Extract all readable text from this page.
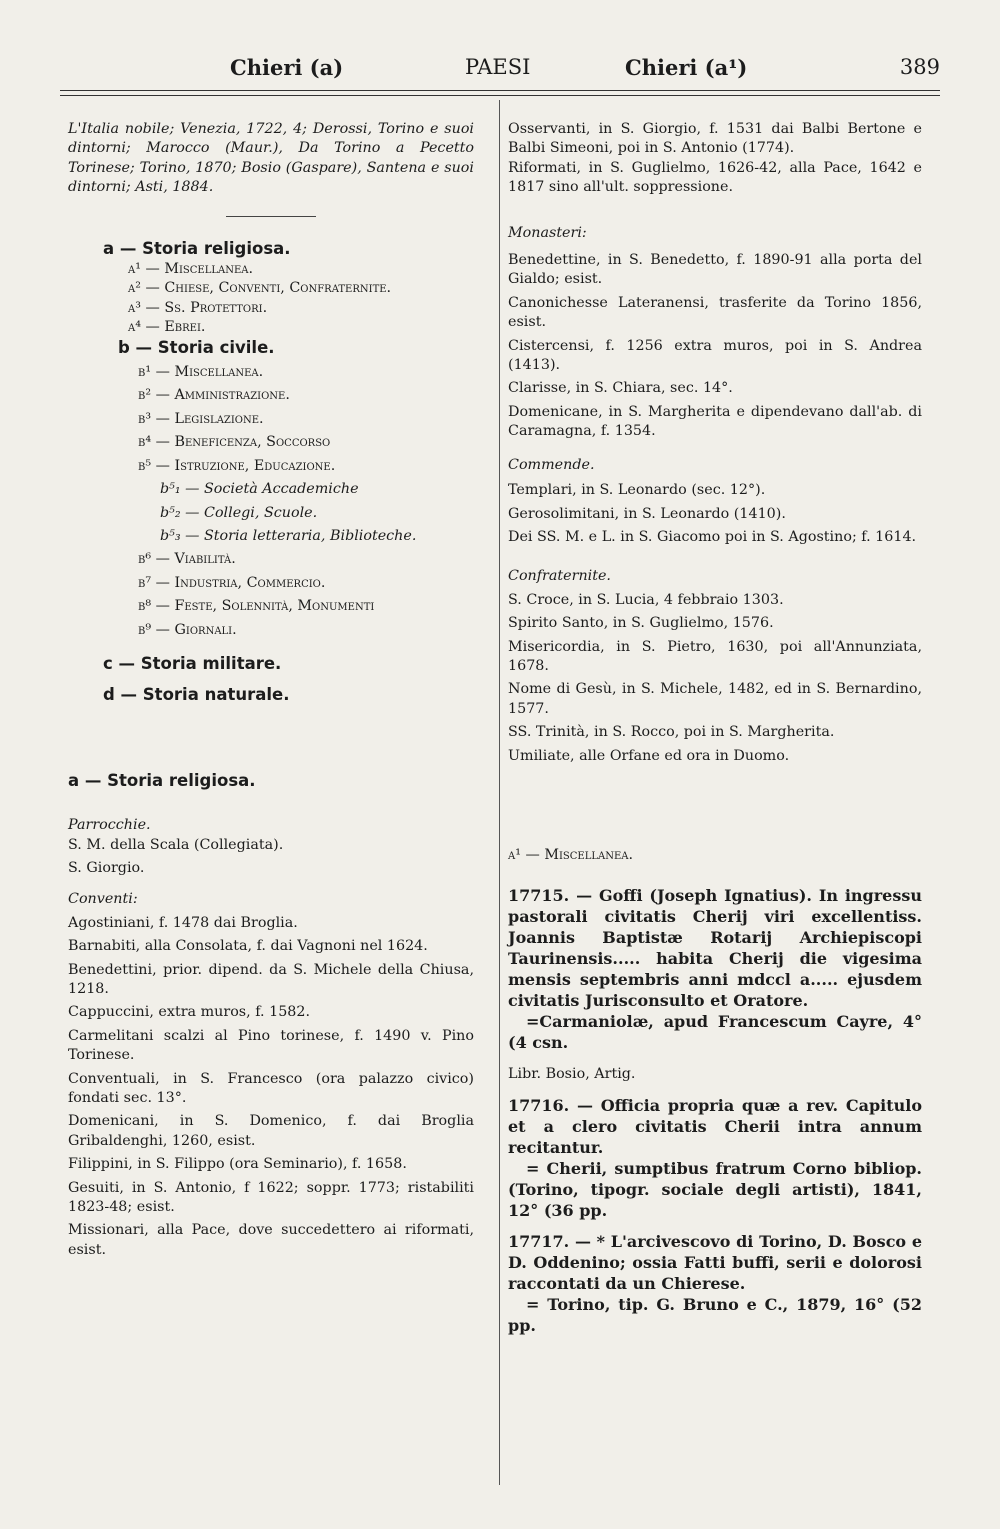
Chieri (a)	PAESI	Chieri (a¹)	389

L'Italia nobile; Venezia, 1722, 4; Derossi, Torino e suoi dintorni; Marocco (Maur.), Da Torino a Pecetto Torinese; Torino, 1870; Bosio (Gaspare), Santena e suoi dintorni; Asti, 1884.

a — Storia religiosa.

a¹ — Miscellanea.

a² — Chiese, Conventi, Confraternite.

a³ — Ss. Protettori.

a⁴ — Ebrei.

b — Storia civile.

b¹ — Miscellanea.

b² — Amministrazione.

b³ — Legislazione.

b⁴ — Beneficenza, Soccorso

b⁵ — Istruzione, Educazione.

b⁵₁ — Società Accademiche

b⁵₂ — Collegi, Scuole.

b⁵₃ — Storia letteraria, Biblioteche.

b⁶ — Viabilità.

b⁷ — Industria, Commercio.

b⁸ — Feste, Solennità, Monumenti

b⁹ — Giornali.

c — Storia militare.

d — Storia naturale.

a — Storia religiosa.

Parrocchie.

S. M. della Scala (Collegiata).

S. Giorgio.

Conventi:

Agostiniani, f. 1478 dai Broglia.

Barnabiti, alla Consolata, f. dai Vagnoni nel 1624.

Benedettini, prior. dipend. da S. Michele della Chiusa, 1218.

Cappuccini, extra muros, f. 1582.

Carmelitani scalzi al Pino torinese, f. 1490 v. Pino Torinese.

Conventuali, in S. Francesco (ora palazzo civico) fondati sec. 13°.

Domenicani, in S. Domenico, f. dai Broglia Gribaldenghi, 1260, esist.

Filippini, in S. Filippo (ora Seminario), f. 1658.

Gesuiti, in S. Antonio, f 1622; soppr. 1773; ristabiliti 1823-48; esist.

Missionari, alla Pace, dove succedettero ai riformati, esist.

Osservanti, in S. Giorgio, f. 1531 dai Balbi Bertone e Balbi Simeoni, poi in S. Antonio (1774).

Riformati, in S. Guglielmo, 1626-42, alla Pace, 1642 e 1817 sino all'ult. soppressione.

Monasteri:

Benedettine, in S. Benedetto, f. 1890-91 alla porta del Gialdo; esist.

Canonichesse Lateranensi, trasferite da Torino 1856, esist.

Cistercensi, f. 1256 extra muros, poi in S. Andrea (1413).

Clarisse, in S. Chiara, sec. 14°.

Domenicane, in S. Margherita e dipendevano dall'ab. di Caramagna, f. 1354.

Commende.

Templari, in S. Leonardo (sec. 12°).

Gerosolimitani, in S. Leonardo (1410).

Dei SS. M. e L. in S. Giacomo poi in S. Agostino; f. 1614.

Confraternite.

S. Croce, in S. Lucia, 4 febbraio 1303.

Spirito Santo, in S. Guglielmo, 1576.

Misericordia, in S. Pietro, 1630, poi all'Annunziata, 1678.

Nome di Gesù, in S. Michele, 1482, ed in S. Bernardino, 1577.

SS. Trinità, in S. Rocco, poi in S. Margherita.

Umiliate, alle Orfane ed ora in Duomo.

a¹ — Miscellanea.

17715. — Goffi (Joseph Ignatius). In ingressu pastorali civitatis Cherij viri excellentiss. Joannis Baptistæ Rotarij Archiepiscopi Taurinensis..... habita Cherij die vigesima mensis septembris anni mdccl a..... ejusdem civitatis Jurisconsulto et Oratore.

=Carmaniolæ, apud Francescum Cayre, 4° (4 csn.

Libr. Bosio, Artig.

17716. — Officia propria quæ a rev. Capitulo et a clero civitatis Cherii intra annum recitantur.

= Cherii, sumptibus fratrum Corno bibliop. (Torino, tipogr. sociale degli artisti), 1841, 12° (36 pp.

17717. — * L'arcivescovo di Torino, D. Bosco e D. Oddenino; ossia Fatti buffi, serii e dolorosi raccontati da un Chierese.

= Torino, tip. G. Bruno e C., 1879, 16° (52 pp.
